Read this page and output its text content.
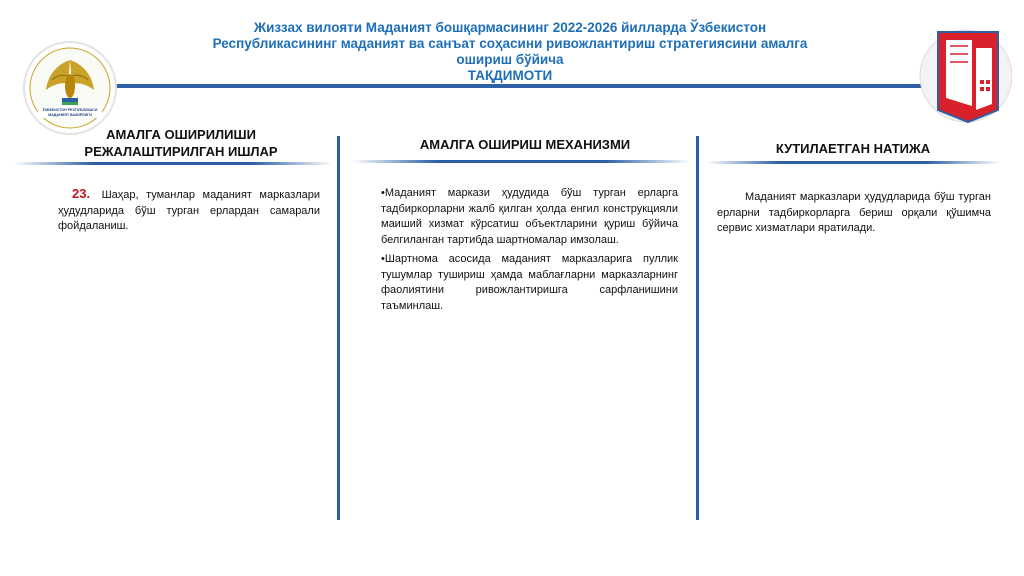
Жиззах вилояти Маданият бошқармасининг 2022-2026 йилларда Ўзбекистон
Республикасининг маданият ва санъат соҳасини ривожлантириш стратегиясини амалга
ошириш бўйича
ТАҚДИМОТИ
ЎЗБЕКИСТОН РЕСПУБЛИКАСИ
МАДАНИЯТ ВАЗИРЛИГИ
АМАЛГА ОШИРИЛИШИ
РЕЖАЛАШТИРИЛГАН ИШЛАР

23. Шаҳар, туманлар маданият марказлари ҳудудларида бўш турган ерлардан самарали фойдаланиш.

АМАЛГА ОШИРИШ МЕХАНИЗМИ

•Маданият маркази ҳудудида бўш турган ерларга тадбиркорларни жалб қилган ҳолда енгил конструкцияли маиший хизмат кўрсатиш объектларини қуриш бўйича белгиланган тартибда шартномалар имзолаш.

•Шартнома асосида маданият марказларига пуллик тушумлар тушириш ҳамда маблағларни марказларнинг фаолиятини ривожлантиришга сарфланишини таъминлаш.

КУТИЛАЕТГАН НАТИЖА

Маданият марказлари ҳудудларида бўш турган ерларни тадбиркорларга бериш орқали қўшимча сервис хизматлари яратилади.
